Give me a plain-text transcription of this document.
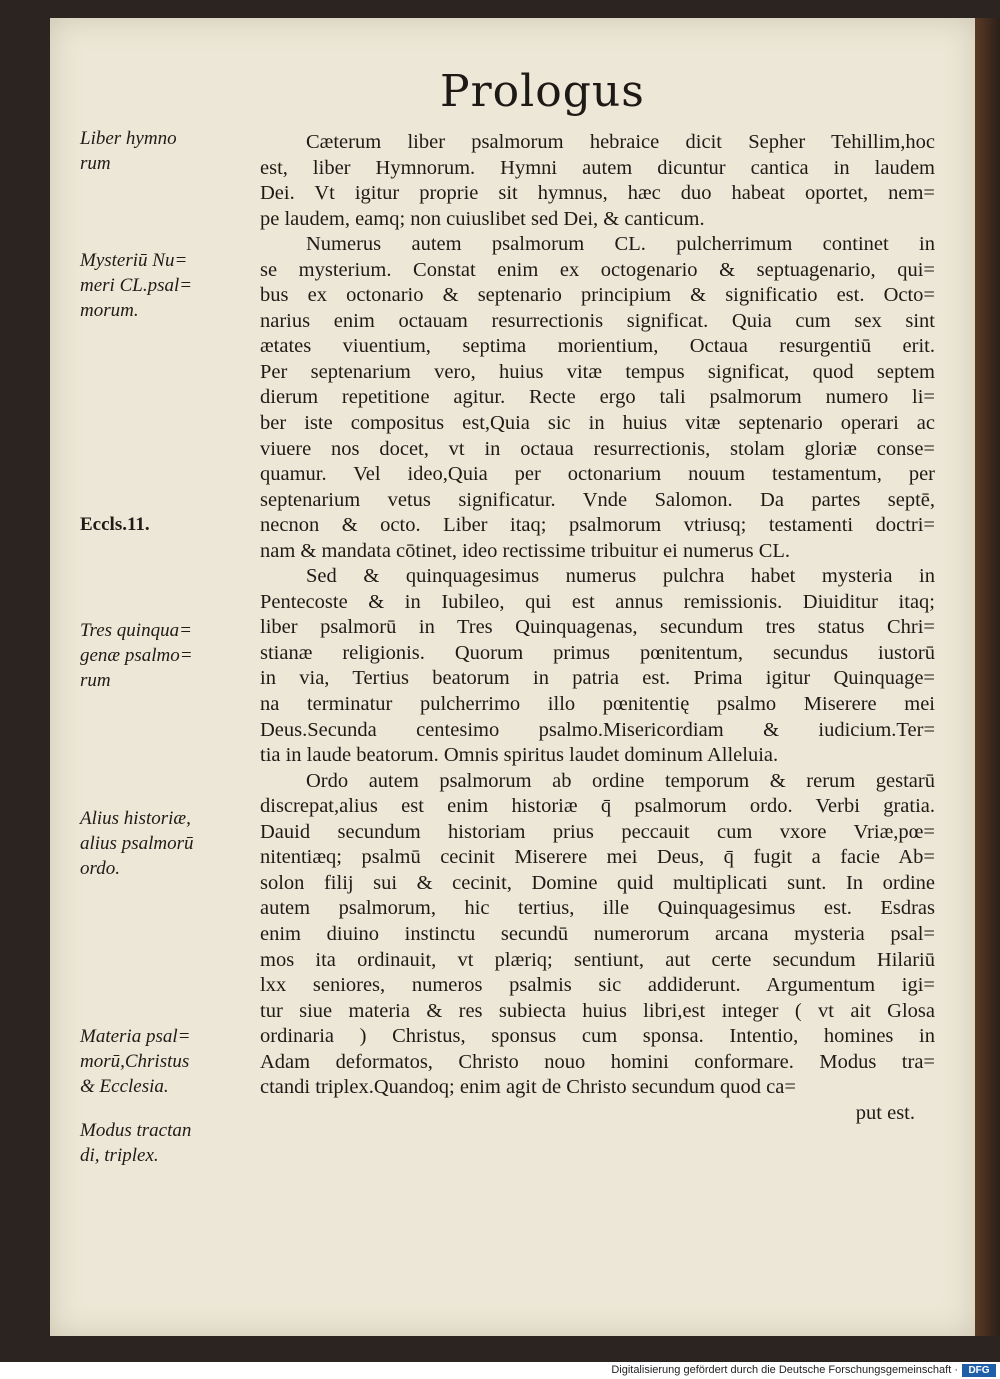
Prologus
Liber hymno
rum
Mysteriū Nu=
meri CL.psal=
morum.
Eccls.11.
Tres quinqua=
genæ psalmo=
rum
Alius historiæ,
alius psalmorū
ordo.
Materia psal=
morū,Christus
& Ecclesia.
Modus tractan
di, triplex.
Cæterum liber psalmorum hebraice dicit Sepher Tehillim,hoc
est, liber Hymnorum. Hymni autem dicuntur cantica in laudem
Dei. Vt igitur proprie sit hymnus, hæc duo habeat oportet, nem=
pe laudem, eamq; non cuiuslibet sed Dei, & canticum.
Numerus autem psalmorum CL. pulcherrimum continet in
se mysterium. Constat enim ex octogenario & septuagenario, qui=
bus ex octonario & septenario principium & significatio est. Octo=
narius enim octauam resurrectionis significat. Quia cum sex sint
ætates viuentium, septima morientium, Octaua resurgentiū erit.
Per septenarium vero, huius vitæ tempus significat, quod septem
dierum repetitione agitur. Recte ergo tali psalmorum numero li=
ber iste compositus est,Quia sic in huius vitæ septenario operari ac
viuere nos docet, vt in octaua resurrectionis, stolam gloriæ conse=
quamur. Vel ideo,Quia per octonarium nouum testamentum, per
septenarium vetus significatur. Vnde Salomon. Da partes septē,
necnon & octo. Liber itaq; psalmorum vtriusq; testamenti doctri=
nam & mandata cōtinet, ideo rectissime tribuitur ei numerus CL.
Sed & quinquagesimus numerus pulchra habet mysteria in
Pentecoste & in Iubileo, qui est annus remissionis. Diuiditur itaq;
liber psalmorū in Tres Quinquagenas, secundum tres status Chri=
stianæ religionis. Quorum primus pœnitentum, secundus iustorū
in via, Tertius beatorum in patria est. Prima igitur Quinquage=
na terminatur pulcherrimo illo pœnitentię psalmo Miserere mei
Deus.Secunda centesimo psalmo.Misericordiam & iudicium.Ter=
tia in laude beatorum. Omnis spiritus laudet dominum Alleluia.
Ordo autem psalmorum ab ordine temporum & rerum gestarū
discrepat,alius est enim historiæ q̄ psalmorum ordo. Verbi gratia.
Dauid secundum historiam prius peccauit cum vxore Vriæ,pœ=
nitentiæq; psalmū cecinit Miserere mei Deus, q̄ fugit a facie Ab=
solon filij sui & cecinit, Domine quid multiplicati sunt. In ordine
autem psalmorum, hic tertius, ille Quinquagesimus est. Esdras
enim diuino instinctu secundū numerorum arcana mysteria psal=
mos ita ordinauit, vt plæriq; sentiunt, aut certe secundum Hilariū
lxx seniores, numeros psalmis sic addiderunt. Argumentum igi=
tur siue materia & res subiecta huius libri,est integer ( vt ait Glosa
ordinaria ) Christus, sponsus cum sponsa. Intentio, homines in
Adam deformatos, Christo nouo homini conformare. Modus tra=
ctandi triplex.Quandoq; enim agit de Christo secundum quod ca=
put est.
Digitalisierung gefördert durch die Deutsche Forschungsgemeinschaft ·	DFG
